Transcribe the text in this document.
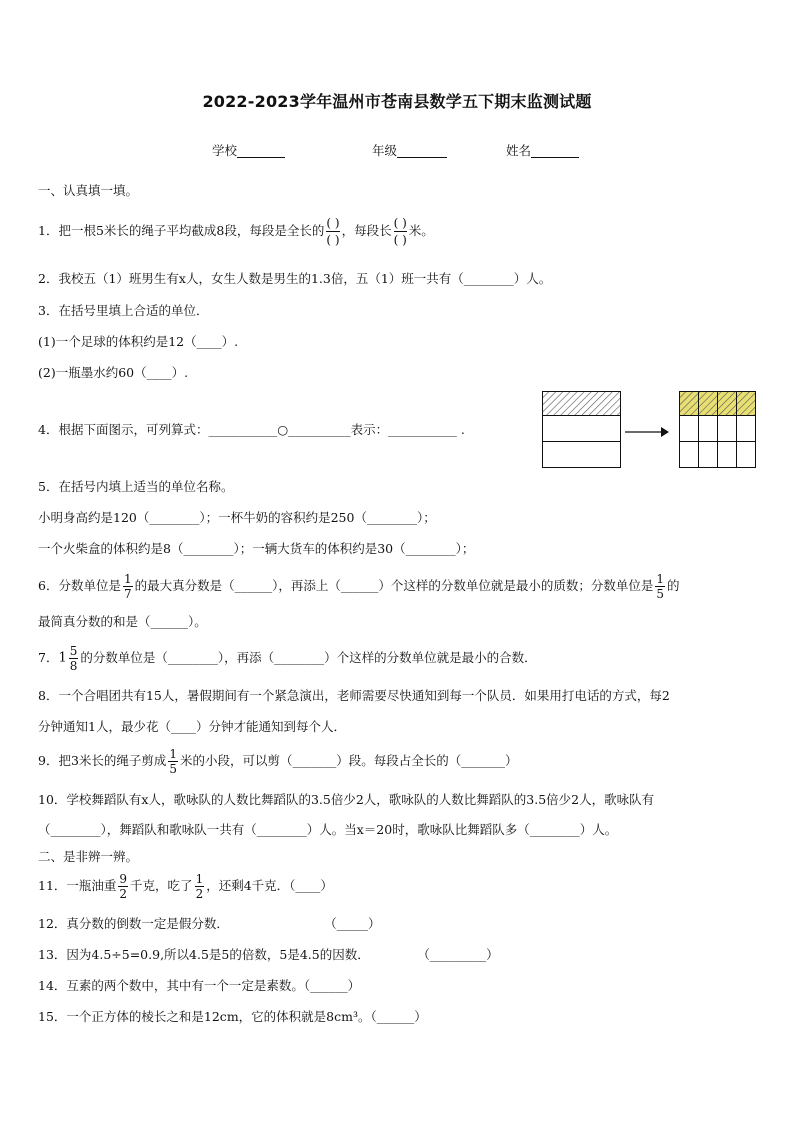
2022-2023学年温州市苍南县数学五下期末监测试题
学校	年级	姓名
一、认真填一填。
1．把一根5米长的绳子平均截成8段，每段是全长的 $\frac{( )}{( )}$ ，每段长 $\frac{( )}{( )}$ 米。
2．我校五（1）班男生有x人，女生人数是男生的1.3倍，五（1）班一共有（________）人。
3．在括号里填上合适的单位．
(1)一个足球的体积约是12（____）.
(2)一瓶墨水约60（____）.
4．根据下面图示，可列算式：___________○__________表示：___________ .
5．在括号内填上适当的单位名称。
小明身高约是120（________）；一杯牛奶的容积约是250（________）；
一个火柴盒的体积约是8（________）；一辆大货车的体积约是30（________）；
6．分数单位是 $\frac{1}{7}$ 的最大真分数是（______），再添上（______）个这样的分数单位就是最小的质数；分数单位是 $\frac{1}{5}$ 的
最简真分数的和是（______）。
7．$1 \frac{5}{8}$ 的分数单位是（________），再添（________）个这样的分数单位就是最小的合数．
8．一个合唱团共有15人，暑假期间有一个紧急演出，老师需要尽快通知到每一个队员．如果用打电话的方式，每2
分钟通知1人，最少花（____）分钟才能通知到每个人．
9．把3米长的绳子剪成 $\frac{1}{5}$ 米的小段，可以剪（_______）段。每段占全长的（_______）
10．学校舞蹈队有x人，歌咏队的人数比舞蹈队的3.5倍少2人，歌咏队的人数比舞蹈队的3.5倍少2人，歌咏队有
（________），舞蹈队和歌咏队一共有（________）人。当x＝20时，歌咏队比舞蹈队多（________）人。
二、是非辨一辨。
11．一瓶油重 $\frac{9}{2}$ 千克，吃了 $\frac{1}{2}$ ，还剩4千克．（____）
12．真分数的倒数一定是假分数．                        （_____）
13．因为4.5÷5=0.9,所以4.5是5的倍数，5是4.5的因数．            （_________）
14．互素的两个数中，其中有一个一定是素数。（______）
15．一个正方体的棱长之和是12cm，它的体积就是8cm³。（______）
